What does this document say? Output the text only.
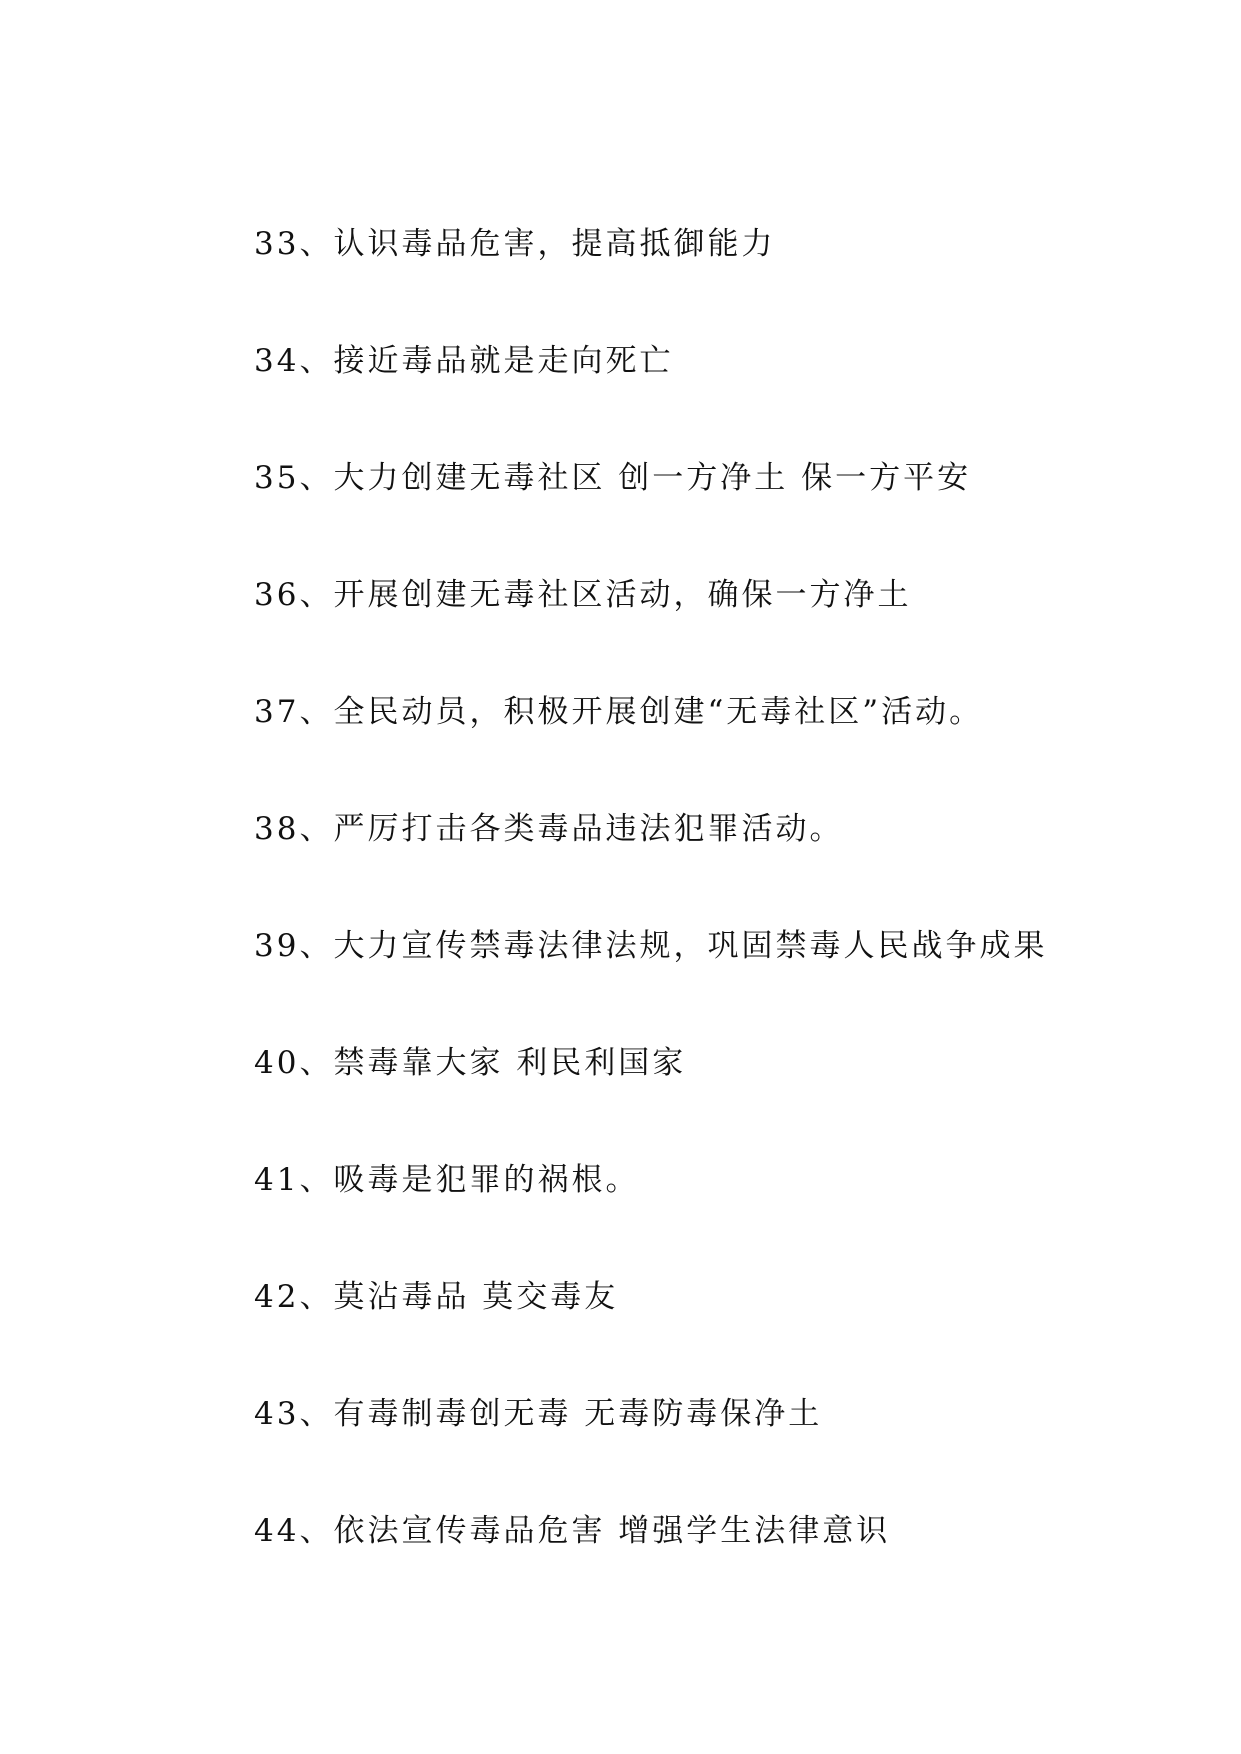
33、认识毒品危害，提高抵御能力
34、接近毒品就是走向死亡
35、大力创建无毒社区 创一方净土 保一方平安
36、开展创建无毒社区活动，确保一方净土
37、全民动员，积极开展创建“无毒社区”活动。
38、严厉打击各类毒品违法犯罪活动。
39、大力宣传禁毒法律法规，巩固禁毒人民战争成果
40、禁毒靠大家 利民利国家
41、吸毒是犯罪的祸根。
42、莫沾毒品 莫交毒友
43、有毒制毒创无毒 无毒防毒保净土
44、依法宣传毒品危害 增强学生法律意识
